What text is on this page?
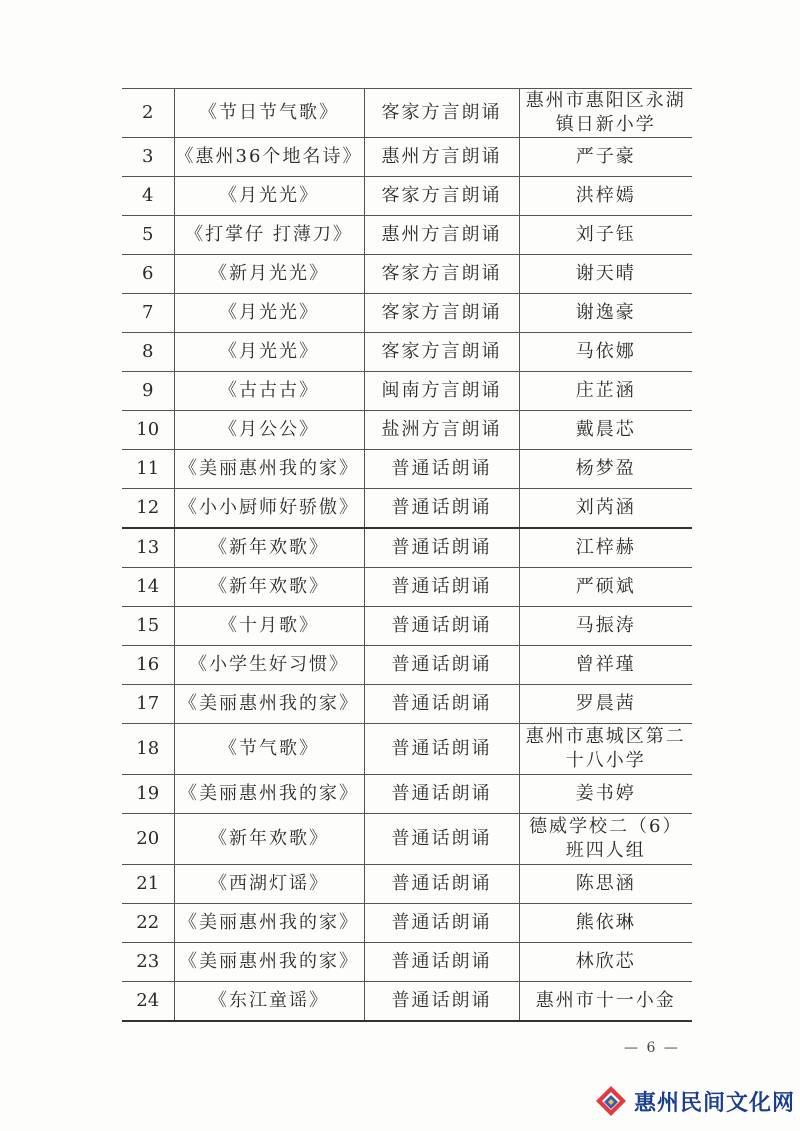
2	《节日节气歌》	客家方言朗诵	惠州市惠阳区永湖镇日新小学
3	《惠州36个地名诗》	惠州方言朗诵	严子豪
4	《月光光》	客家方言朗诵	洪梓嫣
5	《打掌仔 打薄刀》	惠州方言朗诵	刘子钰
6	《新月光光》	客家方言朗诵	谢天晴
7	《月光光》	客家方言朗诵	谢逸豪
8	《月光光》	客家方言朗诵	马依娜
9	《古古古》	闽南方言朗诵	庄芷涵
10	《月公公》	盐洲方言朗诵	戴晨芯
11	《美丽惠州我的家》	普通话朗诵	杨梦盈
12	《小小厨师好骄傲》	普通话朗诵	刘芮涵
13	《新年欢歌》	普通话朗诵	江梓赫
14	《新年欢歌》	普通话朗诵	严硕斌
15	《十月歌》	普通话朗诵	马振涛
16	《小学生好习惯》	普通话朗诵	曾祥瑾
17	《美丽惠州我的家》	普通话朗诵	罗晨茜
18	《节气歌》	普通话朗诵	惠州市惠城区第二十八小学
19	《美丽惠州我的家》	普通话朗诵	姜书婷
20	《新年欢歌》	普通话朗诵	德威学校二（6）班四人组
21	《西湖灯谣》	普通话朗诵	陈思涵
22	《美丽惠州我的家》	普通话朗诵	熊依琳
23	《美丽惠州我的家》	普通话朗诵	林欣芯
24	《东江童谣》	普通话朗诵	惠州市十一小金
— 6 —
惠州民间文化网
